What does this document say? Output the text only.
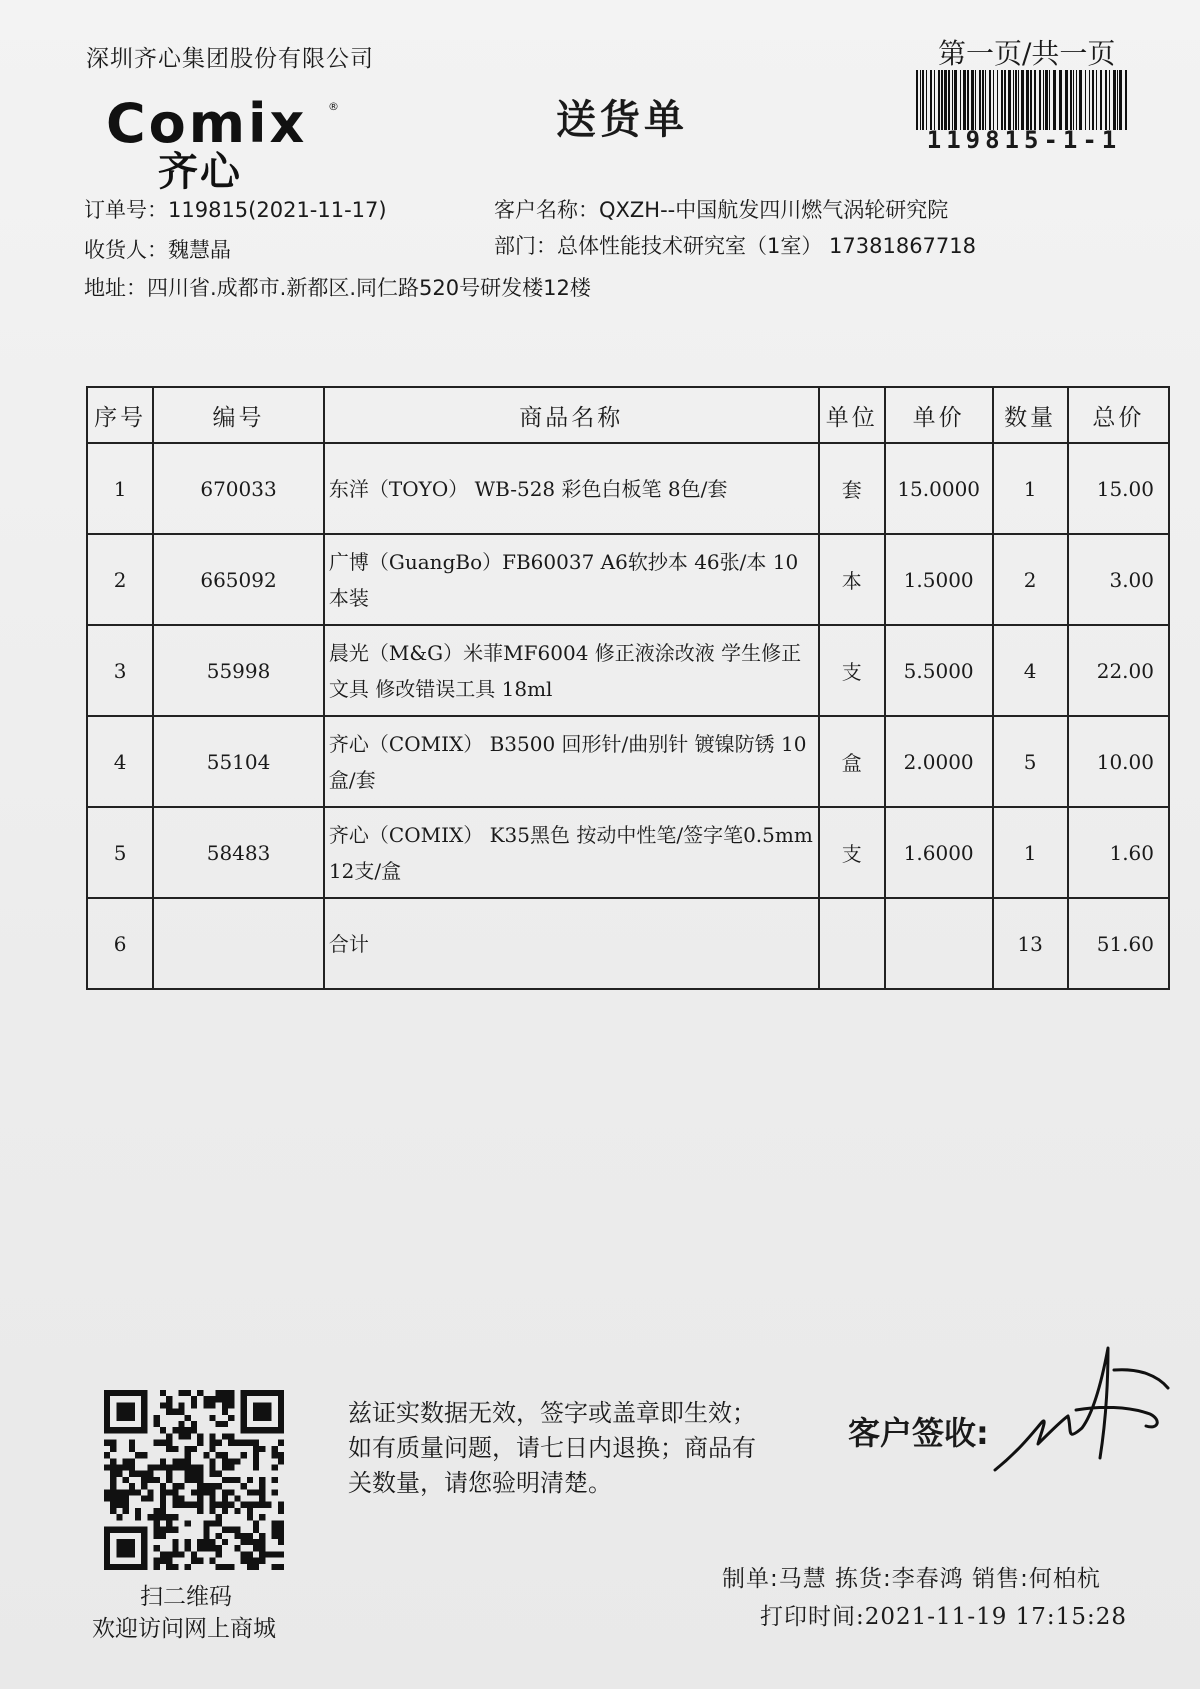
深圳齐心集团股份有限公司
Comix ®
齐心
送货单
第一页/共一页
119815-1-1
订单号：119815(2021-11-17)	客户名称：QXZH--中国航发四川燃气涡轮研究院
收货人：魏慧晶	部门：总体性能技术研究室（1室） 17381867718
地址：四川省.成都市.新都区.同仁路520号研发楼12楼
序号	编号	商品名称	单位	单价	数量	总价
1	670033	东洋（TOYO） WB-528 彩色白板笔 8色/套	套	15.0000	1	15.00
2	665092	广博（GuangBo）FB60037 A6软抄本 46张/本 10本装	本	1.5000	2	3.00
3	55998	晨光（M&G）米菲MF6004 修正液涂改液 学生修正文具 修改错误工具 18ml	支	5.5000	4	22.00
4	55104	齐心（COMIX） B3500 回形针/曲别针 镀镍防锈 10盒/套	盒	2.0000	5	10.00
5	58483	齐心（COMIX） K35黑色 按动中性笔/签字笔0.5mm 12支/盒	支	1.6000	1	1.60
6		合计			13	51.60
扫二维码
欢迎访问网上商城
兹证实数据无效，签字或盖章即生效；如有质量问题，请七日内退换；商品有关数量，请您验明清楚。
客户签收:
制单:马慧 拣货:李春鸿 销售:何柏杭
打印时间:2021-11-19 17:15:28
